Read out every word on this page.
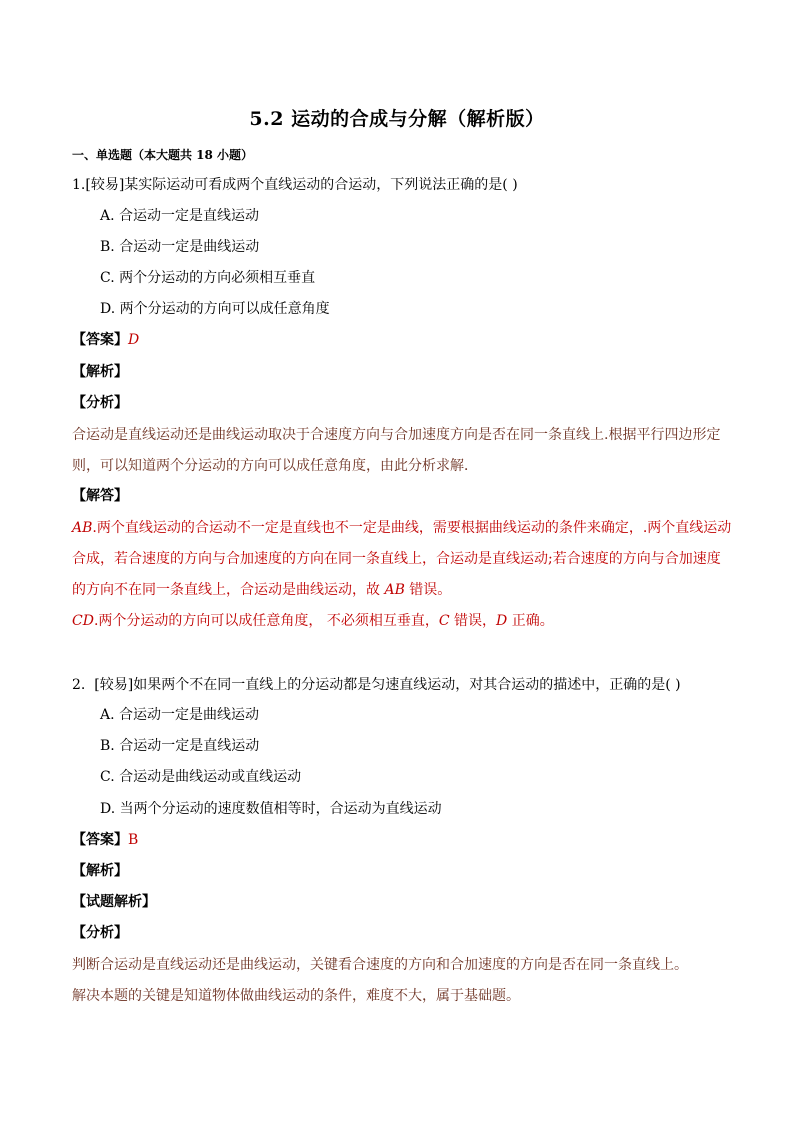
5.2 运动的合成与分解（解析版）
一、单选题（本大题共 18 小题）
1.[较易]某实际运动可看成两个直线运动的合运动，下列说法正确的是( )
A. 合运动一定是直线运动
B. 合运动一定是曲线运动
C. 两个分运动的方向必须相互垂直
D. 两个分运动的方向可以成任意角度
【答案】D
【解析】
【分析】
合运动是直线运动还是曲线运动取决于合速度方向与合加速度方向是否在同一条直线上.根据平行四边形定则，可以知道两个分运动的方向可以成任意角度，由此分析求解．
【解答】
AB.两个直线运动的合运动不一定是直线也不一定是曲线，需要根据曲线运动的条件来确定，.两个直线运动合成，若合速度的方向与合加速度的方向在同一条直线上，合运动是直线运动;若合速度的方向与合加速度的方向不在同一条直线上，合运动是曲线运动，故 AB 错误。
CD.两个分运动的方向可以成任意角度， 不必须相互垂直，C 错误，D 正确。
2. [较易]如果两个不在同一直线上的分运动都是匀速直线运动，对其合运动的描述中，正确的是( )
A. 合运动一定是曲线运动
B. 合运动一定是直线运动
C. 合运动是曲线运动或直线运动
D. 当两个分运动的速度数值相等时，合运动为直线运动
【答案】B
【解析】
【试题解析】
【分析】
判断合运动是直线运动还是曲线运动，关键看合速度的方向和合加速度的方向是否在同一条直线上。
解决本题的关键是知道物体做曲线运动的条件，难度不大，属于基础题。
